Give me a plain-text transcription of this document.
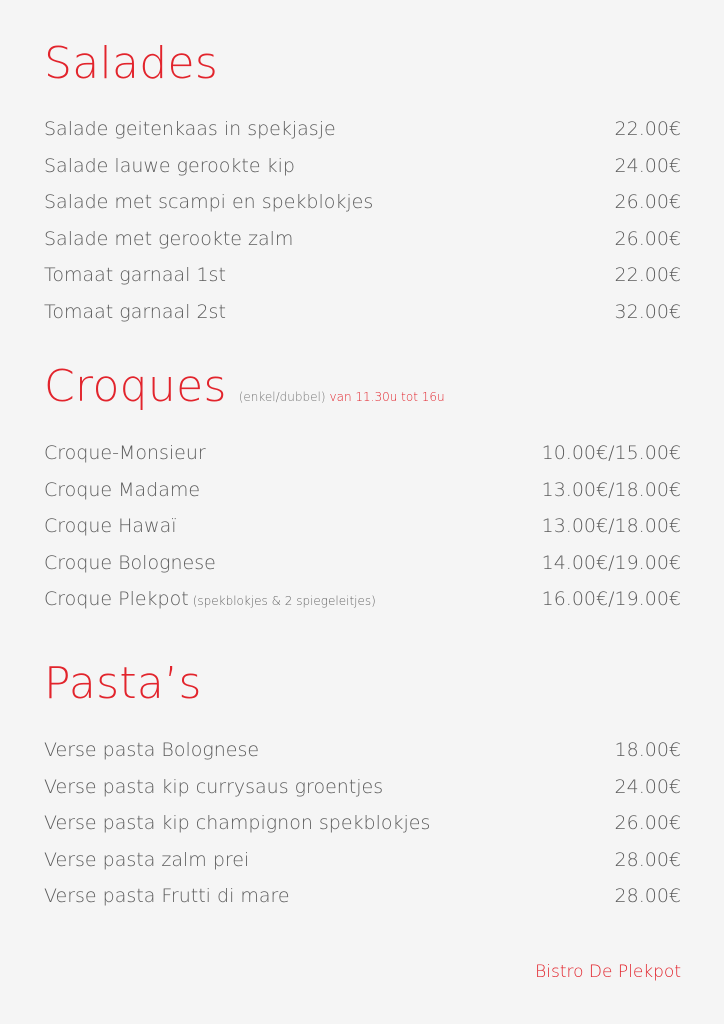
Salades
Salade geitenkaas in spekjasje	22.00€
Salade lauwe gerookte kip	24.00€
Salade met scampi en spekblokjes	26.00€
Salade met gerookte zalm	26.00€
Tomaat garnaal 1st	22.00€
Tomaat garnaal 2st	32.00€
Croques (enkel/dubbel) van 11.30u tot 16u
Croque-Monsieur	10.00€/15.00€
Croque Madame	13.00€/18.00€
Croque Hawaï	13.00€/18.00€
Croque Bolognese	14.00€/19.00€
Croque Plekpot (spekblokjes & 2 spiegeleitjes)	16.00€/19.00€
Pasta’s
Verse pasta Bolognese	18.00€
Verse pasta kip currysaus groentjes	24.00€
Verse pasta kip champignon spekblokjes	26.00€
Verse pasta zalm prei	28.00€
Verse pasta Frutti di mare	28.00€
Bistro De Plekpot
